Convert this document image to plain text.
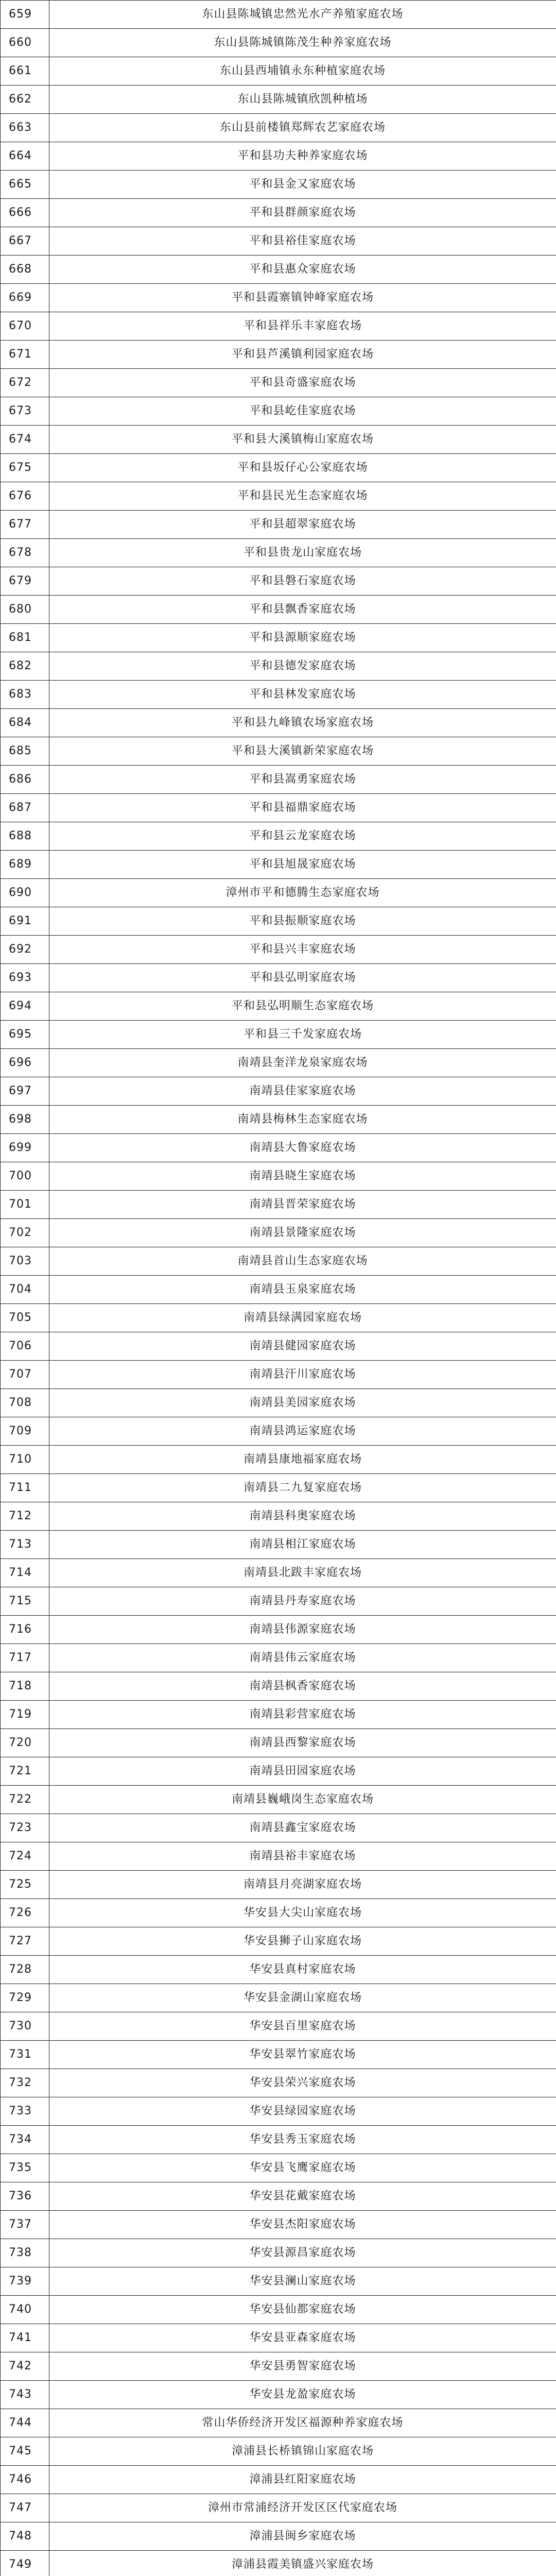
659	东山县陈城镇忠然光水产养殖家庭农场
660	东山县陈城镇陈茂生种养家庭农场
661	东山县西埔镇永东种植家庭农场
662	东山县陈城镇欣凯种植场
663	东山县前楼镇郑辉农艺家庭农场
664	平和县功夫种养家庭农场
665	平和县金又家庭农场
666	平和县群颜家庭农场
667	平和县裕佳家庭农场
668	平和县惠众家庭农场
669	平和县霞寨镇钟峰家庭农场
670	平和县祥乐丰家庭农场
671	平和县芦溪镇利园家庭农场
672	平和县奇盛家庭农场
673	平和县屹佳家庭农场
674	平和县大溪镇梅山家庭农场
675	平和县坂仔心公家庭农场
676	平和县民光生态家庭农场
677	平和县超翠家庭农场
678	平和县贵龙山家庭农场
679	平和县磐石家庭农场
680	平和县飘香家庭农场
681	平和县源顺家庭农场
682	平和县德发家庭农场
683	平和县林发家庭农场
684	平和县九峰镇农场家庭农场
685	平和县大溪镇新荣家庭农场
686	平和县嵩勇家庭农场
687	平和县福鼎家庭农场
688	平和县云龙家庭农场
689	平和县旭晟家庭农场
690	漳州市平和德腾生态家庭农场
691	平和县振顺家庭农场
692	平和县兴丰家庭农场
693	平和县弘明家庭农场
694	平和县弘明顺生态家庭农场
695	平和县三千发家庭农场
696	南靖县奎洋龙泉家庭农场
697	南靖县佳家家庭农场
698	南靖县梅林生态家庭农场
699	南靖县大鲁家庭农场
700	南靖县晓生家庭农场
701	南靖县晋荣家庭农场
702	南靖县景隆家庭农场
703	南靖县首山生态家庭农场
704	南靖县玉泉家庭农场
705	南靖县绿满园家庭农场
706	南靖县健园家庭农场
707	南靖县汗川家庭农场
708	南靖县美园家庭农场
709	南靖县鸿运家庭农场
710	南靖县康地福家庭农场
711	南靖县二九复家庭农场
712	南靖县科奥家庭农场
713	南靖县相江家庭农场
714	南靖县北跋丰家庭农场
715	南靖县丹寿家庭农场
716	南靖县伟源家庭农场
717	南靖县伟云家庭农场
718	南靖县枫香家庭农场
719	南靖县彩营家庭农场
720	南靖县西黎家庭农场
721	南靖县田园家庭农场
722	南靖县巍峨岗生态家庭农场
723	南靖县鑫宝家庭农场
724	南靖县裕丰家庭农场
725	南靖县月亮湖家庭农场
726	华安县大尖山家庭农场
727	华安县狮子山家庭农场
728	华安县真村家庭农场
729	华安县金湖山家庭农场
730	华安县百里家庭农场
731	华安县翠竹家庭农场
732	华安县荣兴家庭农场
733	华安县绿园家庭农场
734	华安县秀玉家庭农场
735	华安县飞鹰家庭农场
736	华安县花戴家庭农场
737	华安县杰阳家庭农场
738	华安县源昌家庭农场
739	华安县澜山家庭农场
740	华安县仙都家庭农场
741	华安县亚森家庭农场
742	华安县勇智家庭农场
743	华安县龙盈家庭农场
744	常山华侨经济开发区福源种养家庭农场
745	漳浦县长桥镇锦山家庭农场
746	漳浦县红阳家庭农场
747	漳州市常浦经济开发区区代家庭农场
748	漳浦县闽乡家庭农场
749	漳浦县霞美镇盛兴家庭农场
